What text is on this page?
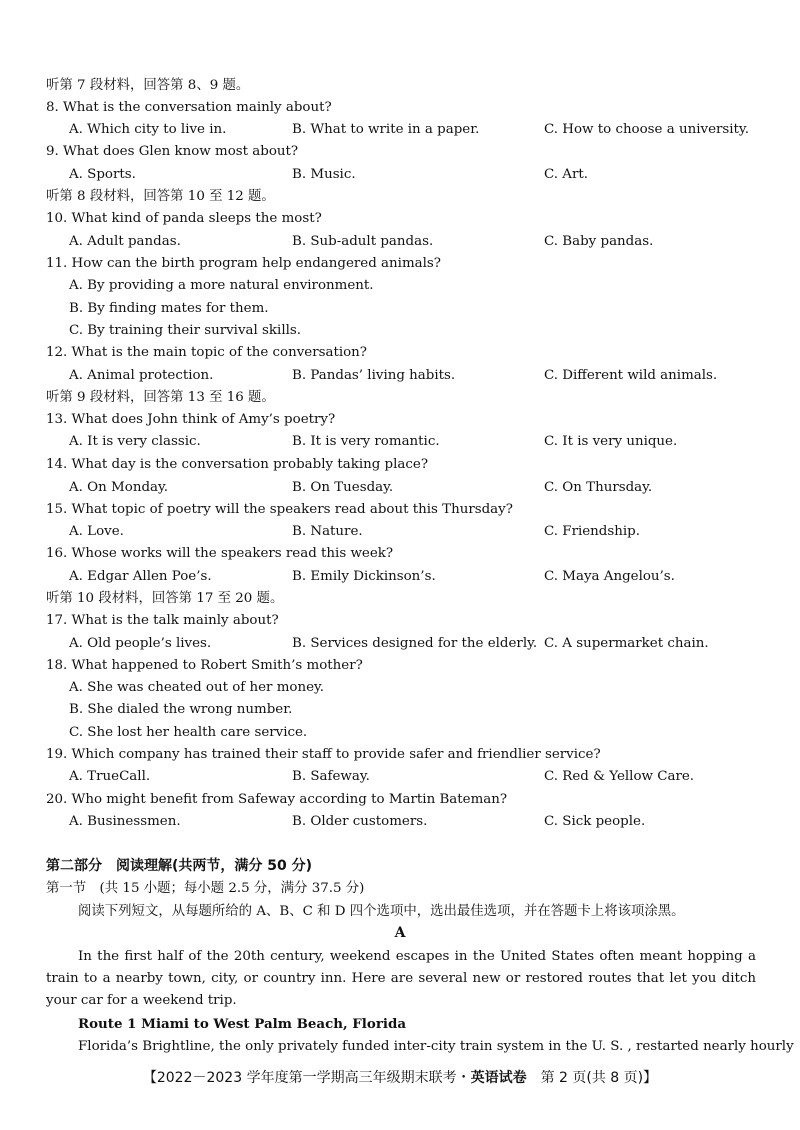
听第 7 段材料，回答第 8、9 题。
8. What is the conversation mainly about?
A. Which city to live in.	B. What to write in a paper.	C. How to choose a university.
9. What does Glen know most about?
A. Sports.	B. Music.	C. Art.
听第 8 段材料，回答第 10 至 12 题。
10. What kind of panda sleeps the most?
A. Adult pandas.	B. Sub-adult pandas.	C. Baby pandas.
11. How can the birth program help endangered animals?
A. By providing a more natural environment.
B. By finding mates for them.
C. By training their survival skills.
12. What is the main topic of the conversation?
A. Animal protection.	B. Pandas’ living habits.	C. Different wild animals.
听第 9 段材料，回答第 13 至 16 题。
13. What does John think of Amy’s poetry?
A. It is very classic.	B. It is very romantic.	C. It is very unique.
14. What day is the conversation probably taking place?
A. On Monday.	B. On Tuesday.	C. On Thursday.
15. What topic of poetry will the speakers read about this Thursday?
A. Love.	B. Nature.	C. Friendship.
16. Whose works will the speakers read this week?
A. Edgar Allen Poe’s.	B. Emily Dickinson’s.	C. Maya Angelou’s.
听第 10 段材料，回答第 17 至 20 题。
17. What is the talk mainly about?
A. Old people’s lives.	B. Services designed for the elderly. C. A supermarket chain.
18. What happened to Robert Smith’s mother?
A. She was cheated out of her money.
B. She dialed the wrong number.
C. She lost her health care service.
19. Which company has trained their staff to provide safer and friendlier service?
A. TrueCall.	B. Safeway.	C. Red & Yellow Care.
20. Who might benefit from Safeway according to Martin Bateman?
A. Businessmen.	B. Older customers.	C. Sick people.
第二部分　阅读理解(共两节，满分 50 分)
第一节　(共 15 小题；每小题 2.5 分，满分 37.5 分)
阅读下列短文，从每题所给的 A、B、C 和 D 四个选项中，选出最佳选项，并在答题卡上将该项涂黑。
A
In the first half of the 20th century, weekend escapes in the United States often meant hopping a train to a nearby town, city, or country inn. Here are several new or restored routes that let you ditch your car for a weekend trip.
Route 1 Miami to West Palm Beach, Florida
Florida’s Brightline, the only privately funded inter-city train system in the U. S. , restarted nearly hourly
【2022－2023 学年度第一学期高三年级期末联考・英语试卷　第 2 页(共 8 页)】
